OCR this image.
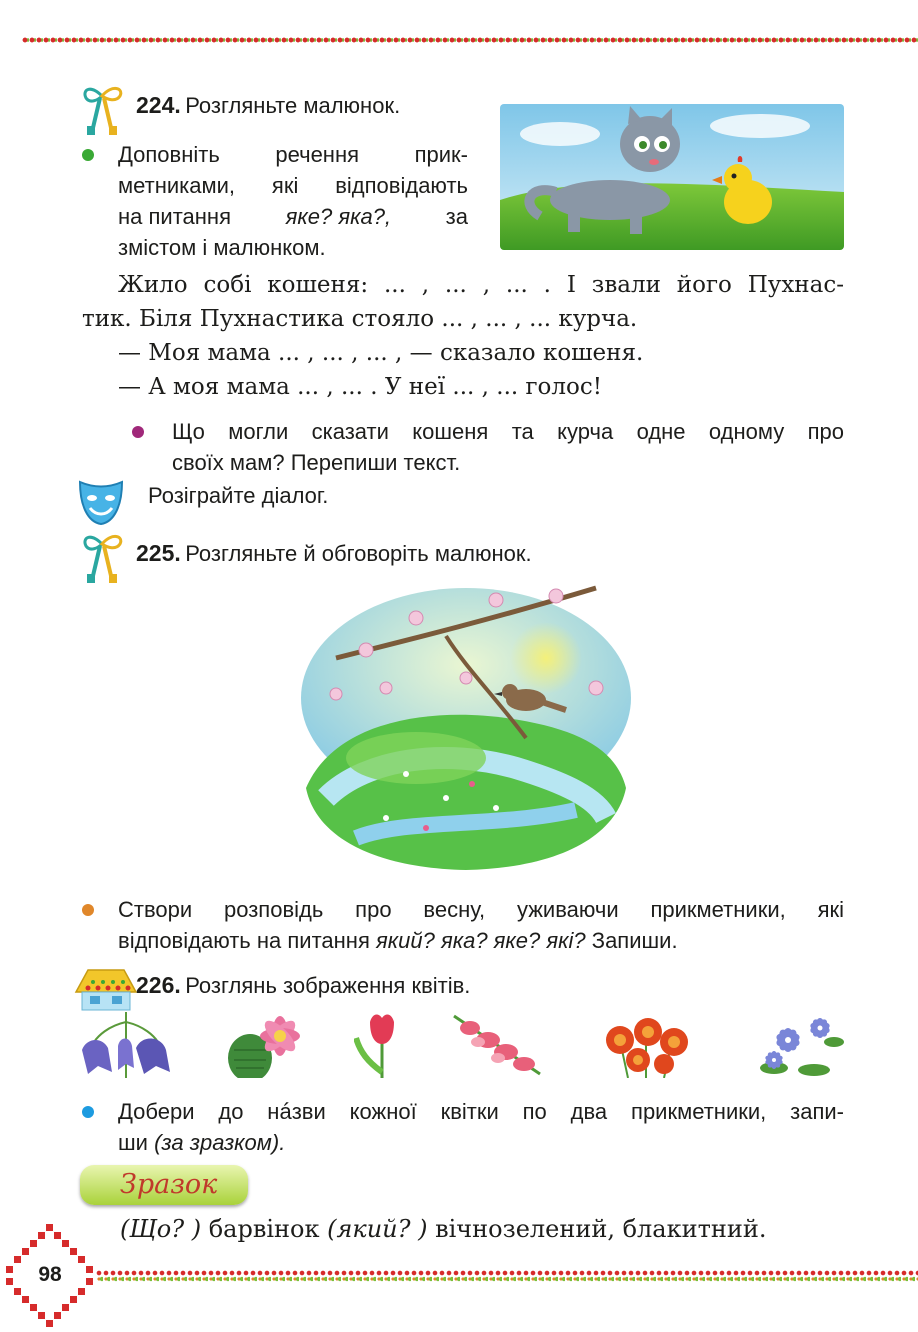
98
224. Розгляньте малюнок.
Доповніть речення прик-
метниками, які відповідають
на питання яке? яка?, за
змістом і малюнком.
Жило собі кошеня: ... , ... , ... . І звали його Пухнас-
тик. Біля Пухнастика стояло ... , ... , ... курча.
— Моя мама ... , ... , ... , — сказало кошеня.
— А моя мама ... , ... . У неї ... , ... голос!
Що могли сказати кошеня та курча одне одному про
своїх мам? Перепиши текст.
Розіграйте діалог.
225. Розгляньте й обговоріть малюнок.
Створи розповідь про весну, уживаючи прикметники, які
відповідають на питання який? яка? яке? які? Запиши.
226. Розглянь зображення квітів.
Добери до нáзви кожної квітки по два прикметники, запи-
ши (за зразком).
Зразок
(Що? ) барвінок (який? ) вічнозелений, блакитний.
